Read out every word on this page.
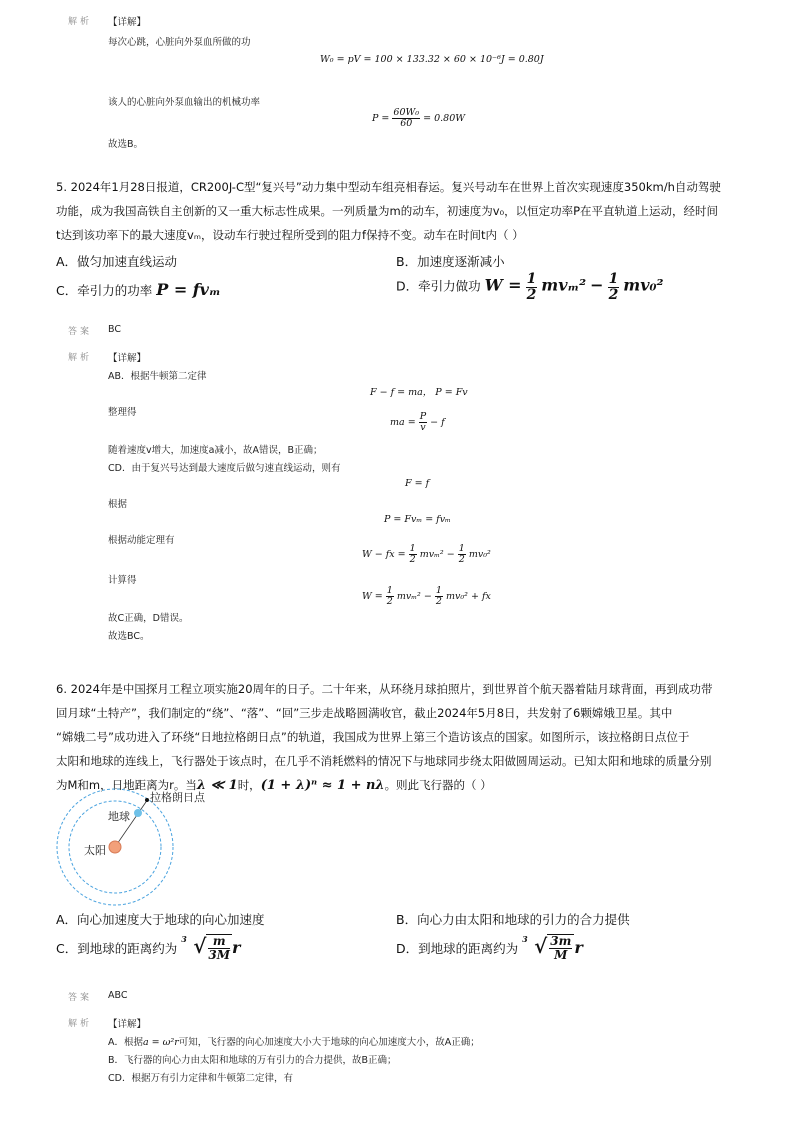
解析 【详解】
每次心跳，心脏向外泵血所做的功
W₀ = pV = 100 × 133.32 × 60 × 10⁻⁶J = 0.80J
该人的心脏向外泵血输出的机械功率
$P = \frac{\text{60W₀}}{60} = 0.80W$
故选B。
5. 2024年1月28日报道，CR200J-C型“复兴号”动力集中型动车组亮相春运。复兴号动车在世界上首次实现速度350km/h自动驾驶
功能，成为我国高铁自主创新的又一重大标志性成果。一列质量为m的动车，初速度为v₀，以恒定功率P在平直轨道上运动，经时间
t达到该功率下的最大速度vₘ，设动车行驶过程所受到的阻力f保持不变。动车在时间t内（ ）
A．做匀加速直线运动	B．加速度逐渐减小
C．牵引力的功率 P = fvₘ	D．牵引力做功 $W = \frac{1}{2} mv_m^2 - \frac{1}{2} mv_0^2$
答案 BC
解析 【详解】
AB．根据牛顿第二定律
F − f = ma， P = Fv
整理得
ma = $\frac{P}{v} - f$
随着速度v增大，加速度a减小，故A错误，B正确；
CD．由于复兴号达到最大速度后做匀速直线运动，则有
F = f
根据
P = Fvₘ = fvₘ
根据动能定理有
W − fx = $\frac{1}{2} mv_m^2 - \frac{1}{2} mv_0^2$
计算得
$W = \frac{1}{2} mv_m^2 - \frac{1}{2} mv_0^2$ + fx
故C正确，D错误。
故选BC。
6. 2024年是中国探月工程立项实施20周年的日子。二十年来，从环绕月球拍照片，到世界首个航天器着陆月球背面，再到成功带
回月球“土特产”，我们制定的“绕”、“落”、“回”三步走战略圆满收官，截止2024年5月8日，共发射了6颗嫦娥卫星。其中
“嫦娥二号”成功进入了环绕“日地拉格朗日点”的轨道，我国成为世界上第三个造访该点的国家。如图所示，该拉格朗日点位于
太阳和地球的连线上，飞行器处于该点时，在几乎不消耗燃料的情况下与地球同步绕太阳做圆周运动。已知太阳和地球的质量分别
为M和m，日地距离为r。当λ ≪ 1时，(1 + λ)ⁿ ≈ 1 + nλ。则此飞行器的（ ）
拉格朗日点
地球
太阳
A．向心加速度大于地球的向心加速度	B．向心力由太阳和地球的引力的合力提供
C．到地球的距离约为
3 √ $\frac{m}{3M}$ r	D．到地球的距离约为
3 √ $\frac{3m}{M}$ r
答案 ABC
解析 【详解】
A．根据a = ω²r可知，飞行器的向心加速度大小大于地球的向心加速度大小，故A正确；
B．飞行器的向心力由太阳和地球的万有引力的合力提供，故B正确；
CD．根据万有引力定律和牛顿第二定律，有
